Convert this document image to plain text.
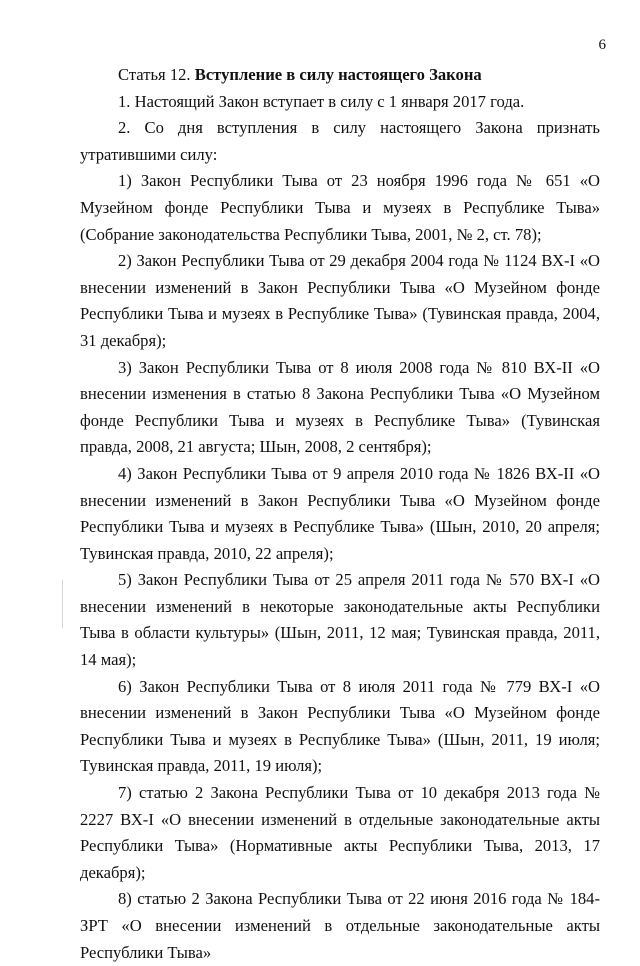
6

Статья 12. Вступление в силу настоящего Закона

1. Настоящий Закон вступает в силу с 1 января 2017 года.

2. Со дня вступления в силу настоящего Закона признать утратившими силу:

1) Закон Республики Тыва от 23 ноября 1996 года № 651 «О Музейном фонде Республики Тыва и музеях в Республике Тыва» (Собрание законодательства Республики Тыва, 2001, № 2, ст. 78);

2) Закон Республики Тыва от 29 декабря 2004 года № 1124 ВХ-I «О внесении изменений в Закон Республики Тыва «О Музейном фонде Республики Тыва и музеях в Республике Тыва» (Тувинская правда, 2004, 31 декабря);

3) Закон Республики Тыва от 8 июля 2008 года № 810 ВХ-II «О внесении изменения в статью 8 Закона Республики Тыва «О Музейном фонде Республики Тыва и музеях в Республике Тыва» (Тувинская правда, 2008, 21 августа; Шын, 2008, 2 сентября);

4) Закон Республики Тыва от 9 апреля 2010 года № 1826 ВХ-II «О внесении изменений в Закон Республики Тыва «О Музейном фонде Республики Тыва и музеях в Республике Тыва» (Шын, 2010, 20 апреля; Тувинская правда, 2010, 22 апреля);

5) Закон Республики Тыва от 25 апреля 2011 года № 570 ВХ-I «О внесении изменений в некоторые законодательные акты Республики Тыва в области культуры» (Шын, 2011, 12 мая; Тувинская правда, 2011, 14 мая);

6) Закон Республики Тыва от 8 июля 2011 года № 779 ВХ-I «О внесении изменений в Закон Республики Тыва «О Музейном фонде Республики Тыва и музеях в Республике Тыва» (Шын, 2011, 19 июля; Тувинская правда, 2011, 19 июля);

7) статью 2 Закона Республики Тыва от 10 декабря 2013 года № 2227 ВХ-I «О внесении изменений в отдельные законодательные акты Республики Тыва» (Нормативные акты Республики Тыва, 2013, 17 декабря);

8) статью 2 Закона Республики Тыва от 22 июня 2016 года № 184-ЗРТ «О внесении изменений в отдельные законодательные акты Республики Тыва»
